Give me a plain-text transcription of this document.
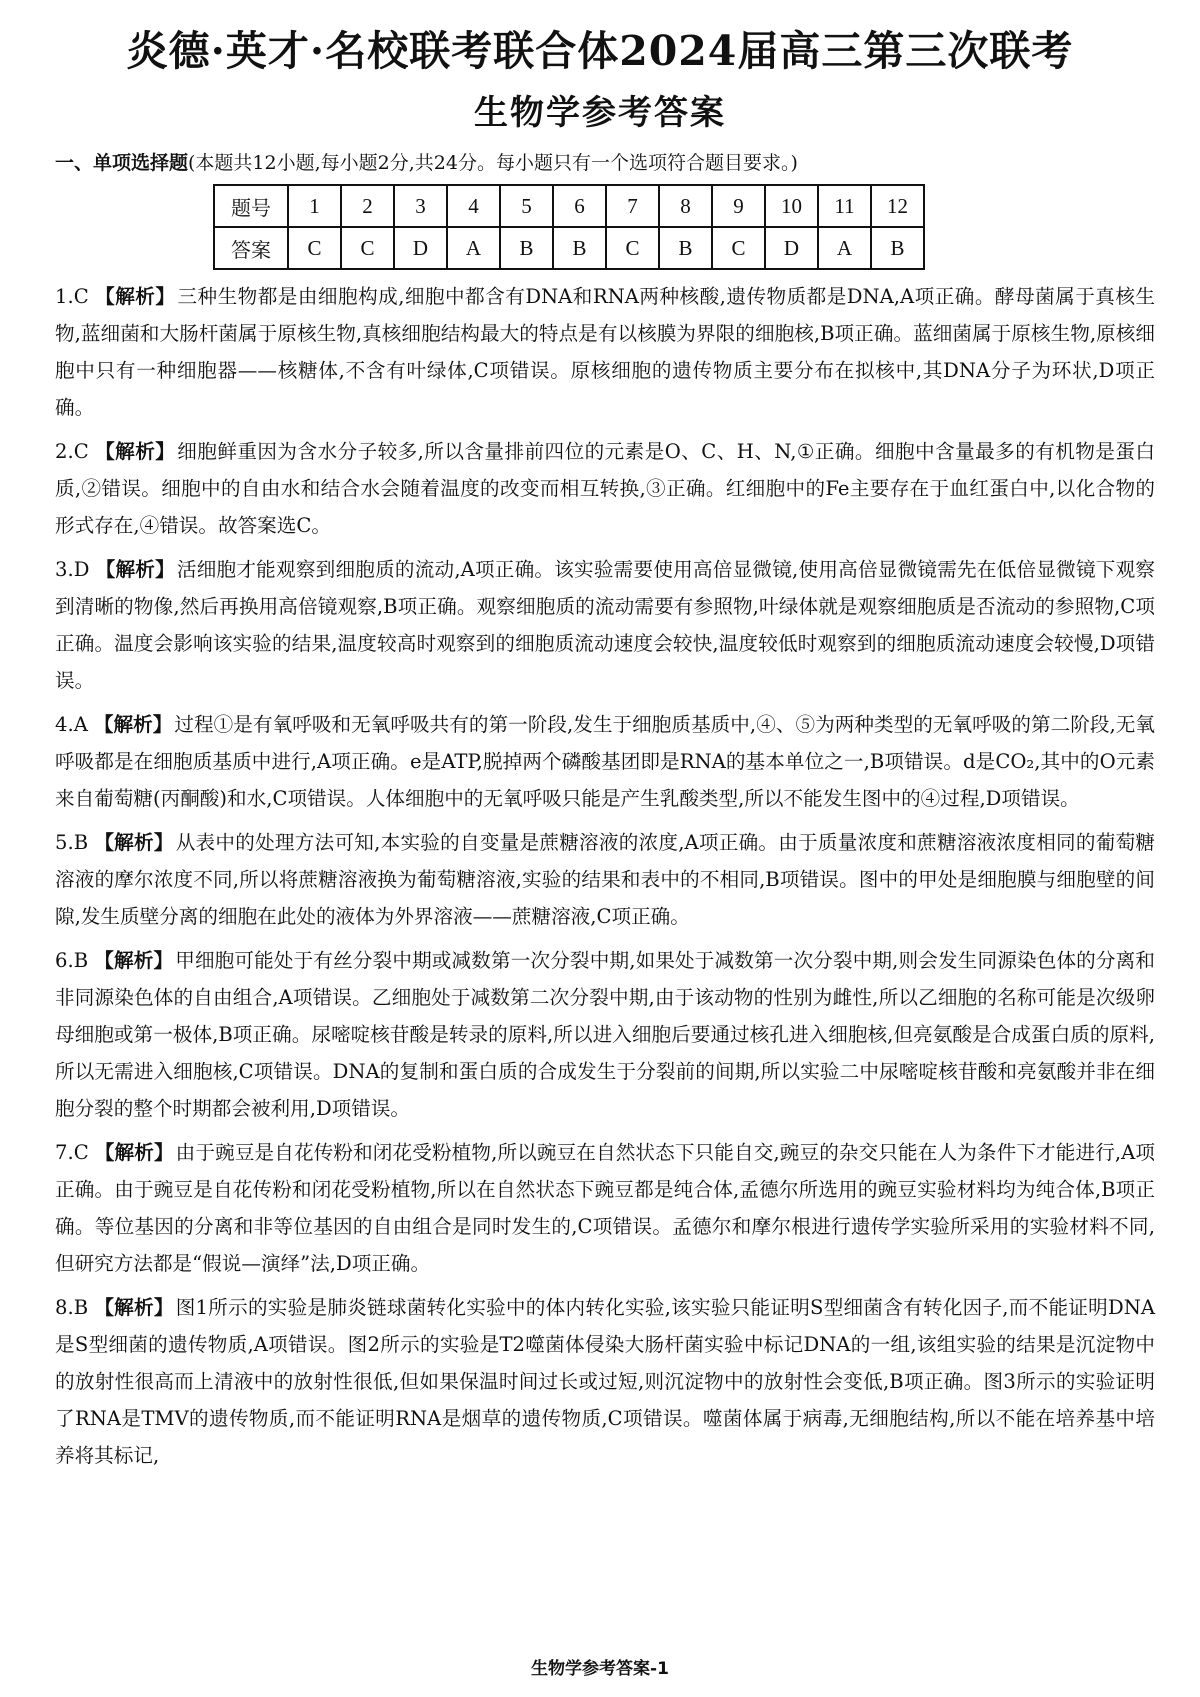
炎德·英才·名校联考联合体2024届高三第三次联考
生物学参考答案
一、单项选择题(本题共12小题,每小题2分,共24分。每小题只有一个选项符合题目要求。)
题号	1	2	3	4	5	6	7	8	9	10	11	12
答案	C	C	D	A	B	B	C	B	C	D	A	B

1.C 【解析】 三种生物都是由细胞构成,细胞中都含有DNA和RNA两种核酸,遗传物质都是DNA,A项正确。酵母菌属于真核生物,蓝细菌和大肠杆菌属于原核生物,真核细胞结构最大的特点是有以核膜为界限的细胞核,B项正确。蓝细菌属于原核生物,原核细胞中只有一种细胞器——核糖体,不含有叶绿体,C项错误。原核细胞的遗传物质主要分布在拟核中,其DNA分子为环状,D项正确。

2.C 【解析】 细胞鲜重因为含水分子较多,所以含量排前四位的元素是O、C、H、N,①正确。细胞中含量最多的有机物是蛋白质,②错误。细胞中的自由水和结合水会随着温度的改变而相互转换,③正确。红细胞中的Fe主要存在于血红蛋白中,以化合物的形式存在,④错误。故答案选C。

3.D 【解析】 活细胞才能观察到细胞质的流动,A项正确。该实验需要使用高倍显微镜,使用高倍显微镜需先在低倍显微镜下观察到清晰的物像,然后再换用高倍镜观察,B项正确。观察细胞质的流动需要有参照物,叶绿体就是观察细胞质是否流动的参照物,C项正确。温度会影响该实验的结果,温度较高时观察到的细胞质流动速度会较快,温度较低时观察到的细胞质流动速度会较慢,D项错误。

4.A 【解析】 过程①是有氧呼吸和无氧呼吸共有的第一阶段,发生于细胞质基质中,④、⑤为两种类型的无氧呼吸的第二阶段,无氧呼吸都是在细胞质基质中进行,A项正确。e是ATP,脱掉两个磷酸基团即是RNA的基本单位之一,B项错误。d是CO₂,其中的O元素来自葡萄糖(丙酮酸)和水,C项错误。人体细胞中的无氧呼吸只能是产生乳酸类型,所以不能发生图中的④过程,D项错误。

5.B 【解析】 从表中的处理方法可知,本实验的自变量是蔗糖溶液的浓度,A项正确。由于质量浓度和蔗糖溶液浓度相同的葡萄糖溶液的摩尔浓度不同,所以将蔗糖溶液换为葡萄糖溶液,实验的结果和表中的不相同,B项错误。图中的甲处是细胞膜与细胞壁的间隙,发生质壁分离的细胞在此处的液体为外界溶液——蔗糖溶液,C项正确。

6.B 【解析】 甲细胞可能处于有丝分裂中期或减数第一次分裂中期,如果处于减数第一次分裂中期,则会发生同源染色体的分离和非同源染色体的自由组合,A项错误。乙细胞处于减数第二次分裂中期,由于该动物的性别为雌性,所以乙细胞的名称可能是次级卵母细胞或第一极体,B项正确。尿嘧啶核苷酸是转录的原料,所以进入细胞后要通过核孔进入细胞核,但亮氨酸是合成蛋白质的原料,所以无需进入细胞核,C项错误。DNA的复制和蛋白质的合成发生于分裂前的间期,所以实验二中尿嘧啶核苷酸和亮氨酸并非在细胞分裂的整个时期都会被利用,D项错误。

7.C 【解析】 由于豌豆是自花传粉和闭花受粉植物,所以豌豆在自然状态下只能自交,豌豆的杂交只能在人为条件下才能进行,A项正确。由于豌豆是自花传粉和闭花受粉植物,所以在自然状态下豌豆都是纯合体,孟德尔所选用的豌豆实验材料均为纯合体,B项正确。等位基因的分离和非等位基因的自由组合是同时发生的,C项错误。孟德尔和摩尔根进行遗传学实验所采用的实验材料不同,但研究方法都是“假说—演绎”法,D项正确。

8.B 【解析】 图1所示的实验是肺炎链球菌转化实验中的体内转化实验,该实验只能证明S型细菌含有转化因子,而不能证明DNA是S型细菌的遗传物质,A项错误。图2所示的实验是T2噬菌体侵染大肠杆菌实验中标记DNA的一组,该组实验的结果是沉淀物中的放射性很高而上清液中的放射性很低,但如果保温时间过长或过短,则沉淀物中的放射性会变低,B项正确。图3所示的实验证明了RNA是TMV的遗传物质,而不能证明RNA是烟草的遗传物质,C项错误。噬菌体属于病毒,无细胞结构,所以不能在培养基中培养将其标记,

生物学参考答案-1
